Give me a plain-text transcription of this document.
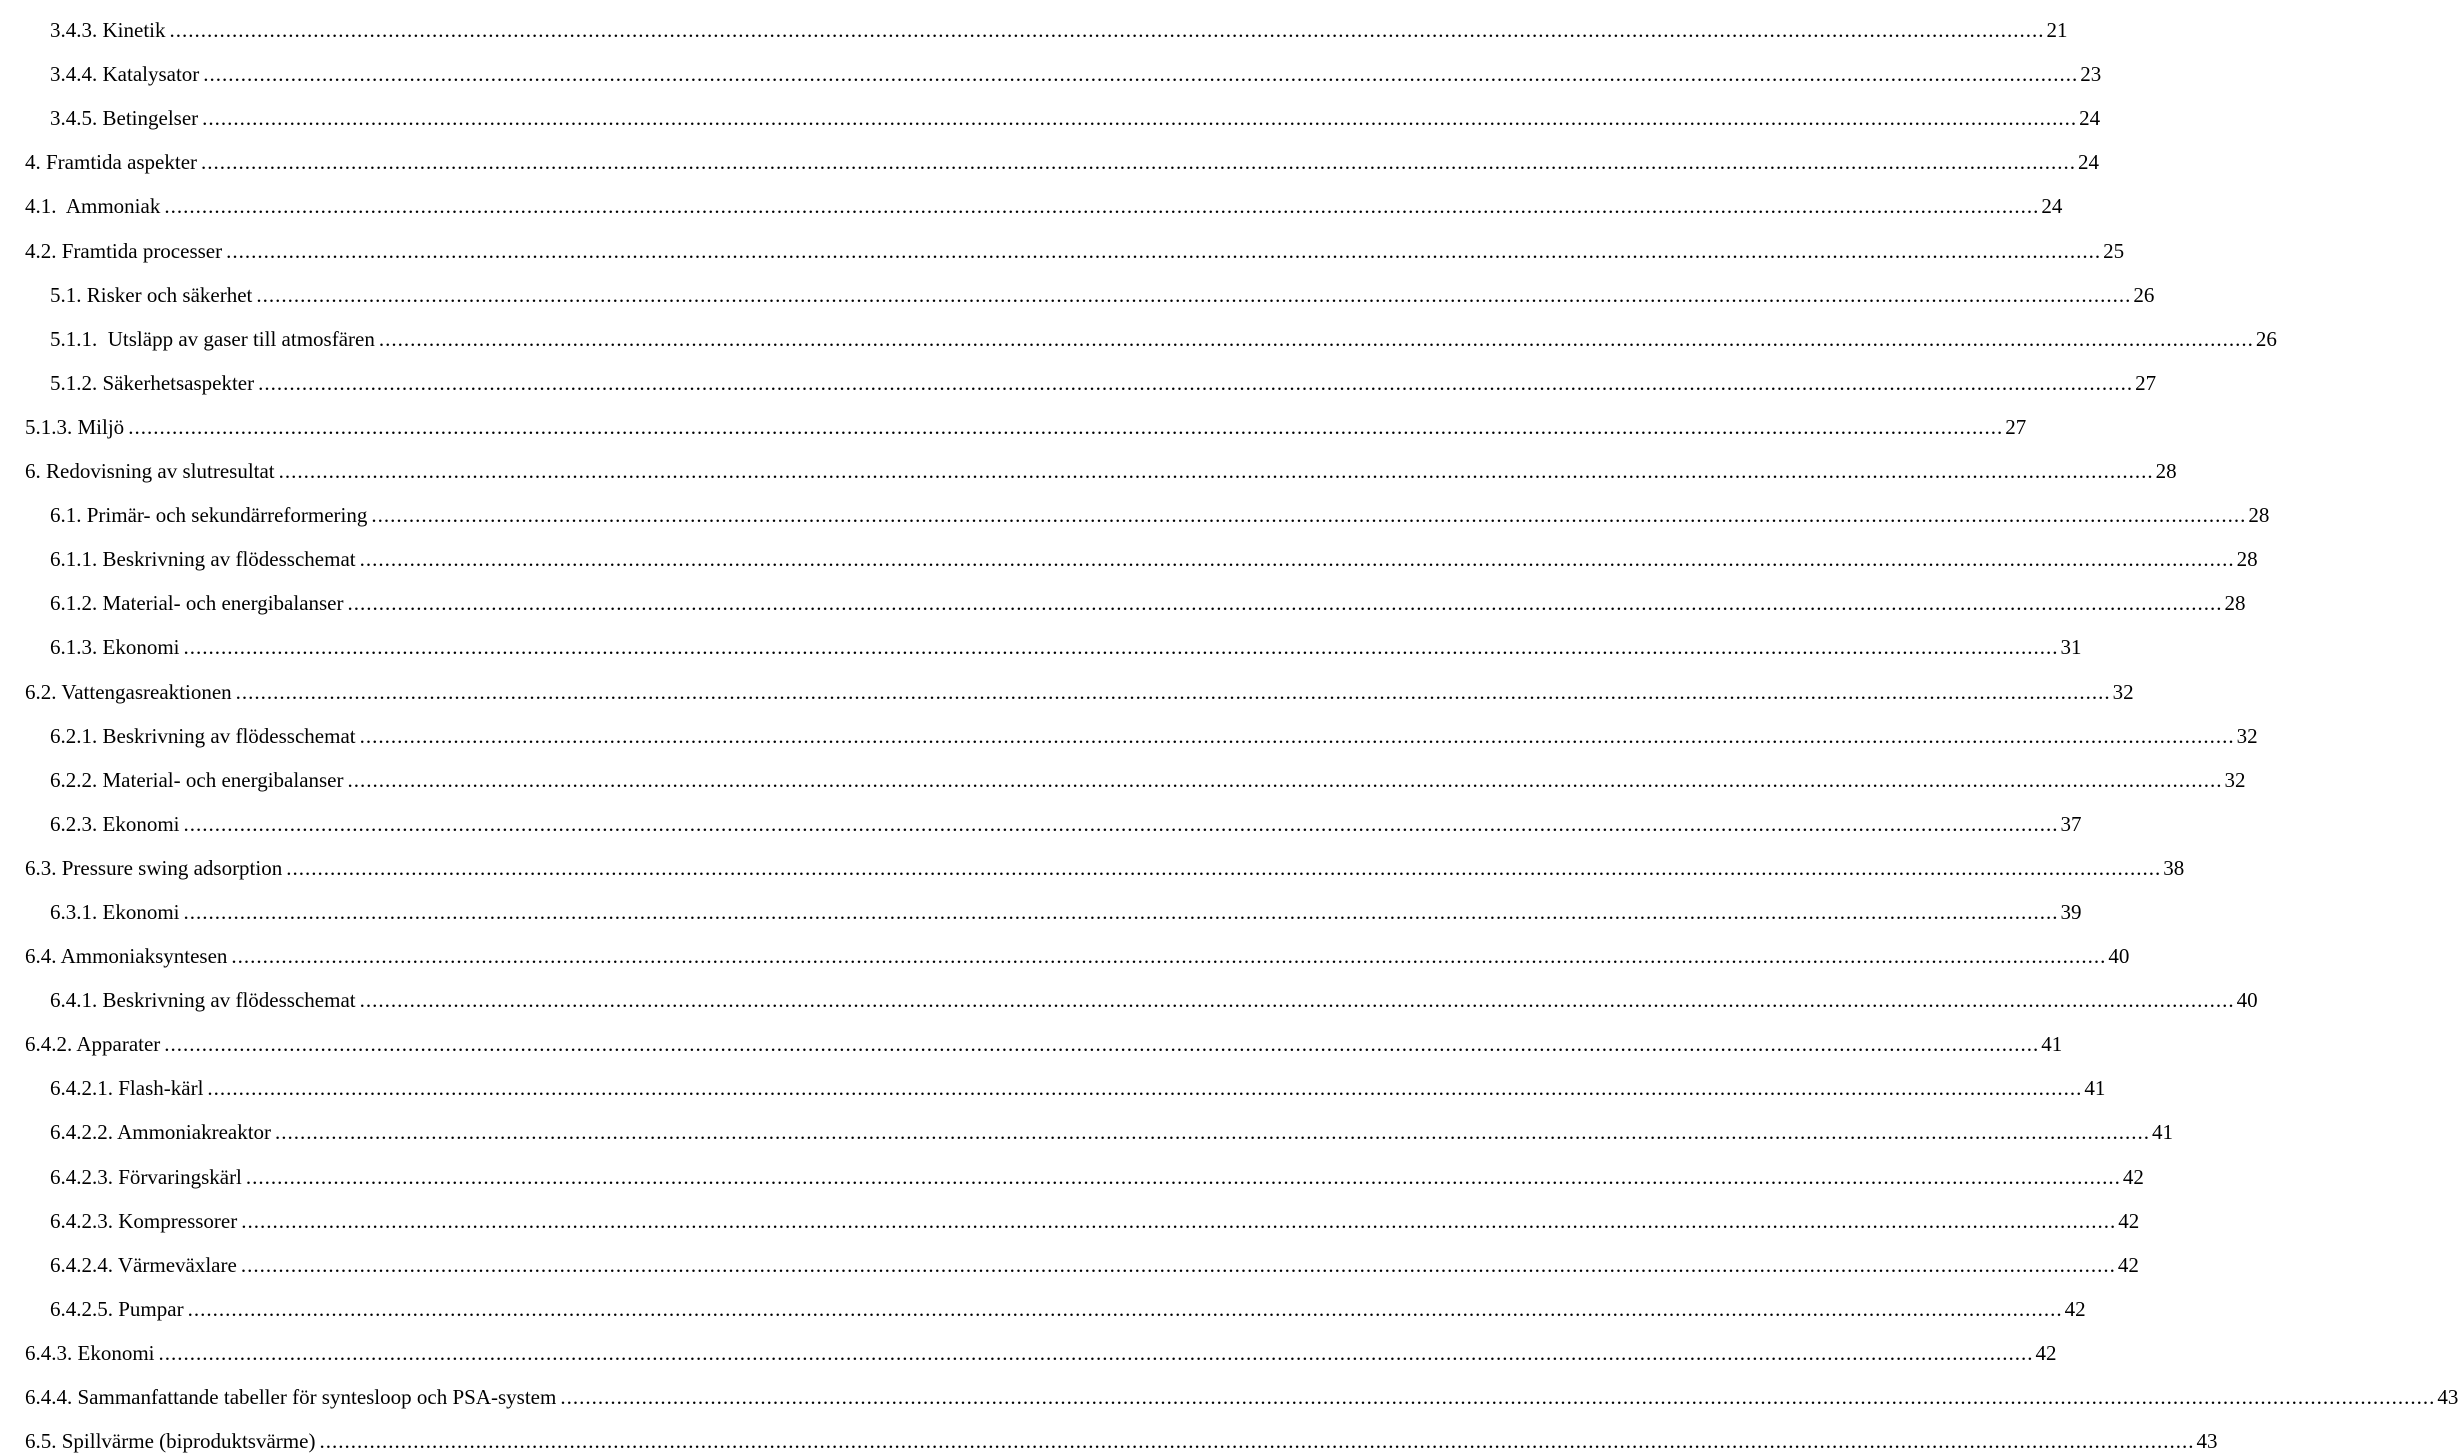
3.4.3. Kinetik ............................................................................................................................................................................................................................................................................................................ 21
3.4.4. Katalysator ............................................................................................................................................................................................................................................................................................................ 23
3.4.5. Betingelser ............................................................................................................................................................................................................................................................................................................ 24
4. Framtida aspekter ............................................................................................................................................................................................................................................................................................................ 24
4.1.  Ammoniak ............................................................................................................................................................................................................................................................................................................ 24
4.2. Framtida processer ............................................................................................................................................................................................................................................................................................................ 25
5.1. Risker och säkerhet ............................................................................................................................................................................................................................................................................................................ 26
5.1.1.  Utsläpp av gaser till atmosfären ............................................................................................................................................................................................................................................................................................................ 26
5.1.2. Säkerhetsaspekter ............................................................................................................................................................................................................................................................................................................ 27
5.1.3. Miljö ............................................................................................................................................................................................................................................................................................................ 27
6. Redovisning av slutresultat ............................................................................................................................................................................................................................................................................................................ 28
6.1. Primär- och sekundärreformering ............................................................................................................................................................................................................................................................................................................ 28
6.1.1. Beskrivning av flödesschemat ............................................................................................................................................................................................................................................................................................................ 28
6.1.2. Material- och energibalanser ............................................................................................................................................................................................................................................................................................................ 28
6.1.3. Ekonomi ............................................................................................................................................................................................................................................................................................................ 31
6.2. Vattengasreaktionen ............................................................................................................................................................................................................................................................................................................ 32
6.2.1. Beskrivning av flödesschemat ............................................................................................................................................................................................................................................................................................................ 32
6.2.2. Material- och energibalanser ............................................................................................................................................................................................................................................................................................................ 32
6.2.3. Ekonomi ............................................................................................................................................................................................................................................................................................................ 37
6.3. Pressure swing adsorption ............................................................................................................................................................................................................................................................................................................ 38
6.3.1. Ekonomi ............................................................................................................................................................................................................................................................................................................ 39
6.4. Ammoniaksyntesen ............................................................................................................................................................................................................................................................................................................ 40
6.4.1. Beskrivning av flödesschemat ............................................................................................................................................................................................................................................................................................................ 40
6.4.2. Apparater ............................................................................................................................................................................................................................................................................................................ 41
6.4.2.1. Flash-kärl ............................................................................................................................................................................................................................................................................................................ 41
6.4.2.2. Ammoniakreaktor ............................................................................................................................................................................................................................................................................................................ 41
6.4.2.3. Förvaringskärl ............................................................................................................................................................................................................................................................................................................ 42
6.4.2.3. Kompressorer ............................................................................................................................................................................................................................................................................................................ 42
6.4.2.4. Värmeväxlare ............................................................................................................................................................................................................................................................................................................ 42
6.4.2.5. Pumpar ............................................................................................................................................................................................................................................................................................................ 42
6.4.3. Ekonomi ............................................................................................................................................................................................................................................................................................................ 42
6.4.4. Sammanfattande tabeller för syntesloop och PSA-system ............................................................................................................................................................................................................................................................................................................ 43
6.5. Spillvärme (biproduktsvärme) ............................................................................................................................................................................................................................................................................................................ 43
